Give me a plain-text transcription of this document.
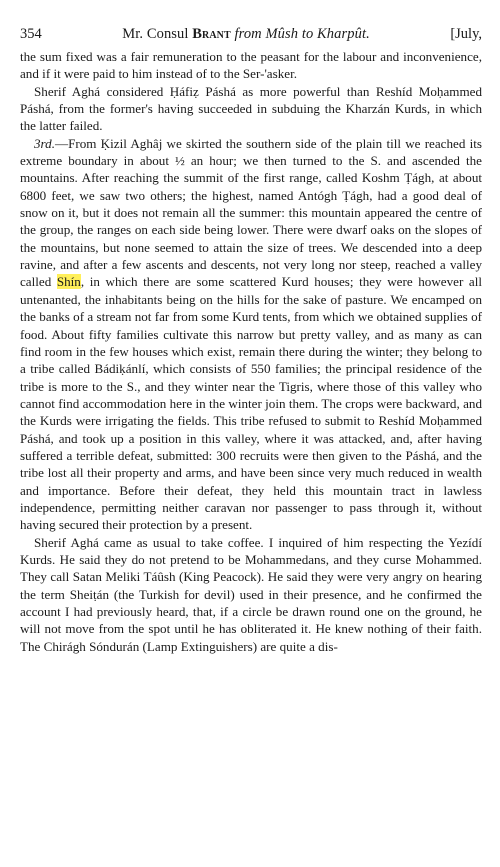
354	Mr. Consul Brant from Mûsh to Kharpût.	[July,

the sum fixed was a fair remuneration to the peasant for the labour and inconvenience, and if it were paid to him instead of to the Ser-'asker.

Sherif Aghá considered Ḥáfiẓ Páshá as more powerful than Reshíd Moḥammed Páshá, from the former's having succeeded in subduing the Kharzán Kurds, in which the latter failed.

3rd.—From Ḳizil Aghâj we skirted the southern side of the plain till we reached its extreme boundary in about ½ an hour; we then turned to the S. and ascended the mountains. After reaching the summit of the first range, called Koshm Ṭágh, at about 6800 feet, we saw two others; the highest, named Antógh Ṭágh, had a good deal of snow on it, but it does not remain all the summer: this mountain appeared the centre of the group, the ranges on each side being lower. There were dwarf oaks on the slopes of the mountains, but none seemed to attain the size of trees. We descended into a deep ravine, and after a few ascents and descents, not very long nor steep, reached a valley called Shín, in which there are some scattered Kurd houses; they were however all untenanted, the inhabitants being on the hills for the sake of pasture. We encamped on the banks of a stream not far from some Kurd tents, from which we obtained supplies of food. About fifty families cultivate this narrow but pretty valley, and as many as can find room in the few houses which exist, remain there during the winter; they belong to a tribe called Bádiḳánlí, which consists of 550 families; the principal residence of the tribe is more to the S., and they winter near the Tigris, where those of this valley who cannot find accommodation here in the winter join them. The crops were backward, and the Kurds were irrigating the fields. This tribe refused to submit to Reshíd Moḥammed Páshá, and took up a position in this valley, where it was attacked, and, after having suffered a terrible defeat, submitted: 300 recruits were then given to the Páshá, and the tribe lost all their property and arms, and have been since very much reduced in wealth and importance. Before their defeat, they held this mountain tract in lawless independence, permitting neither caravan nor passenger to pass through it, without having secured their protection by a present.

Sherif Aghá came as usual to take coffee. I inquired of him respecting the Yezídí Kurds. He said they do not pretend to be Mohammedans, and they curse Mohammed. They call Satan Meliki Táûsh (King Peacock). He said they were very angry on hearing the term Sheiṭán (the Turkish for devil) used in their presence, and he confirmed the account I had previously heard, that, if a circle be drawn round one on the ground, he will not move from the spot until he has obliterated it. He knew nothing of their faith. The Chirágh Sóndurán (Lamp Extinguishers) are quite a dis-
